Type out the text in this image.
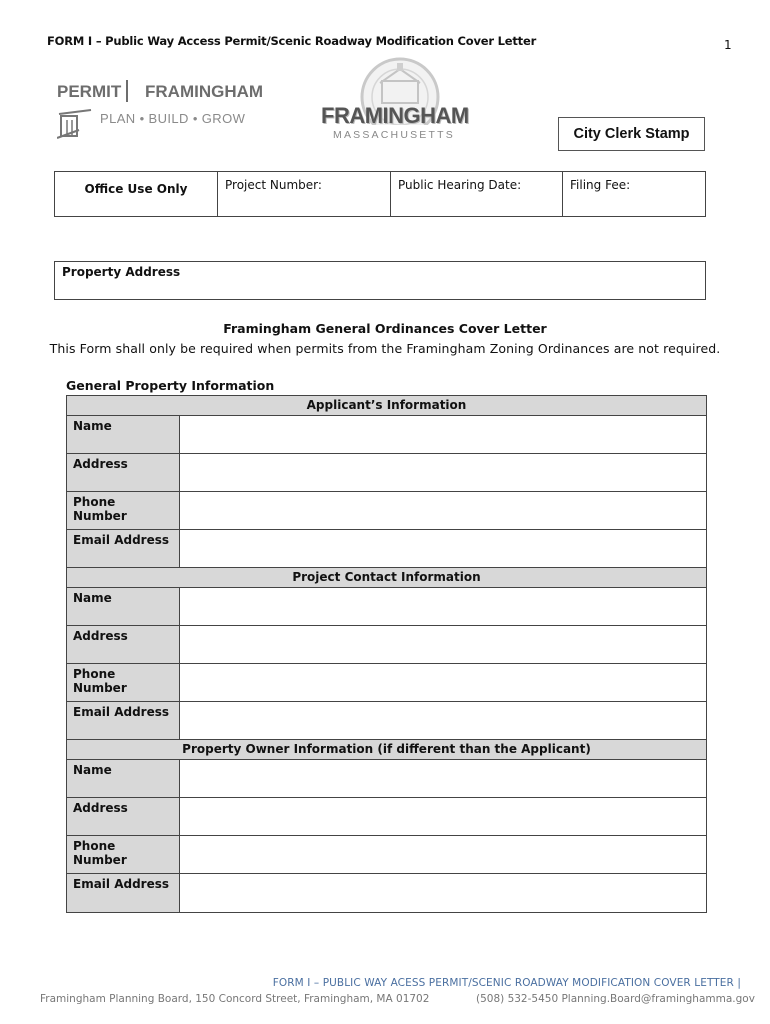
FORM I – Public Way Access Permit/Scenic Roadway Modification Cover Letter	1
PERMIT FRAMINGHAM
PLAN • BUILD • GROW	FRAMINGHAM
MASSACHUSETTS	City Clerk Stamp
Office Use Only	Project Number:	Public Hearing Date:	Filing Fee:
Property Address
Framingham General Ordinances Cover Letter
This Form shall only be required when permits from the Framingham Zoning Ordinances are not required.
General Property Information
Applicant’s Information
Name
Address
Phone Number
Email Address
Project Contact Information
Name
Address
Phone Number
Email Address
Property Owner Information (if different than the Applicant)
Name
Address
Phone Number
Email Address
FORM I – PUBLIC WAY ACESS PERMIT/SCENIC ROADWAY MODIFICATION COVER LETTER |
Framingham Planning Board, 150 Concord Street, Framingham, MA 01702	(508) 532-5450 Planning.Board@framinghamma.gov
